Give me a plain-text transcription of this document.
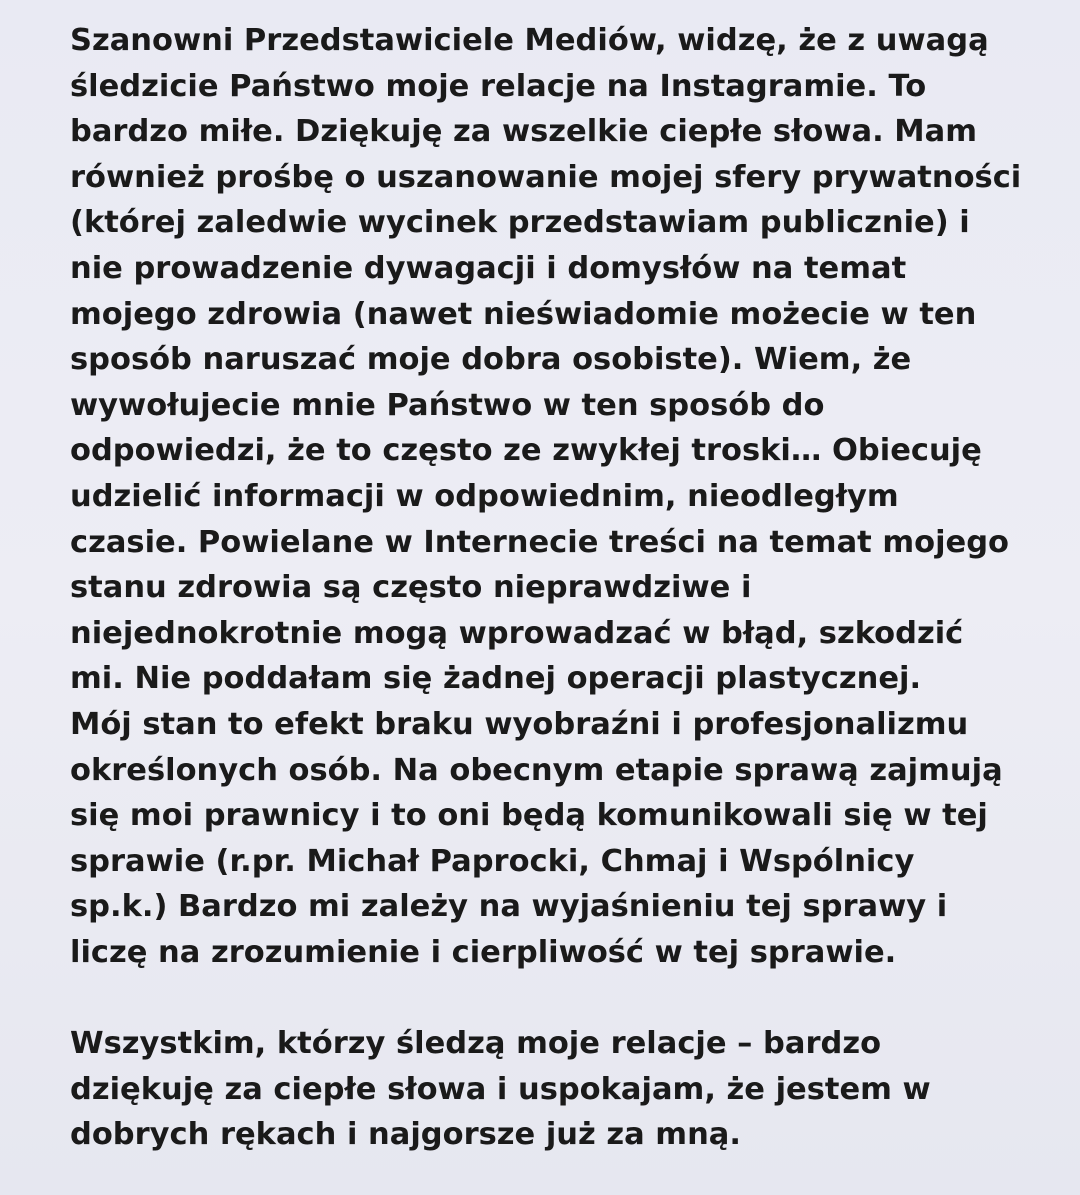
Szanowni Przedstawiciele Mediów, widzę, że z uwagą
śledzicie Państwo moje relacje na Instagramie. To
bardzo miłe. Dziękuję za wszelkie ciepłe słowa. Mam
również prośbę o uszanowanie mojej sfery prywatności
(której zaledwie wycinek przedstawiam publicznie) i
nie prowadzenie dywagacji i domysłów na temat
mojego zdrowia (nawet nieświadomie możecie w ten
sposób naruszać moje dobra osobiste). Wiem, że
wywołujecie mnie Państwo w ten sposób do
odpowiedzi, że to często ze zwykłej troski… Obiecuję
udzielić informacji w odpowiednim, nieodległym
czasie. Powielane w Internecie treści na temat mojego
stanu zdrowia są często nieprawdziwe i
niejednokrotnie mogą wprowadzać w błąd, szkodzić
mi. Nie poddałam się żadnej operacji plastycznej.
Mój stan to efekt braku wyobraźni i profesjonalizmu
określonych osób. Na obecnym etapie sprawą zajmują
się moi prawnicy i to oni będą komunikowali się w tej
sprawie (r.pr. Michał Paprocki, Chmaj i Wspólnicy
sp.k.) Bardzo mi zależy na wyjaśnieniu tej sprawy i
liczę na zrozumienie i cierpliwość w tej sprawie.

Wszystkim, którzy śledzą moje relacje – bardzo
dziękuję za ciepłe słowa i uspokajam, że jestem w
dobrych rękach i najgorsze już za mną.
